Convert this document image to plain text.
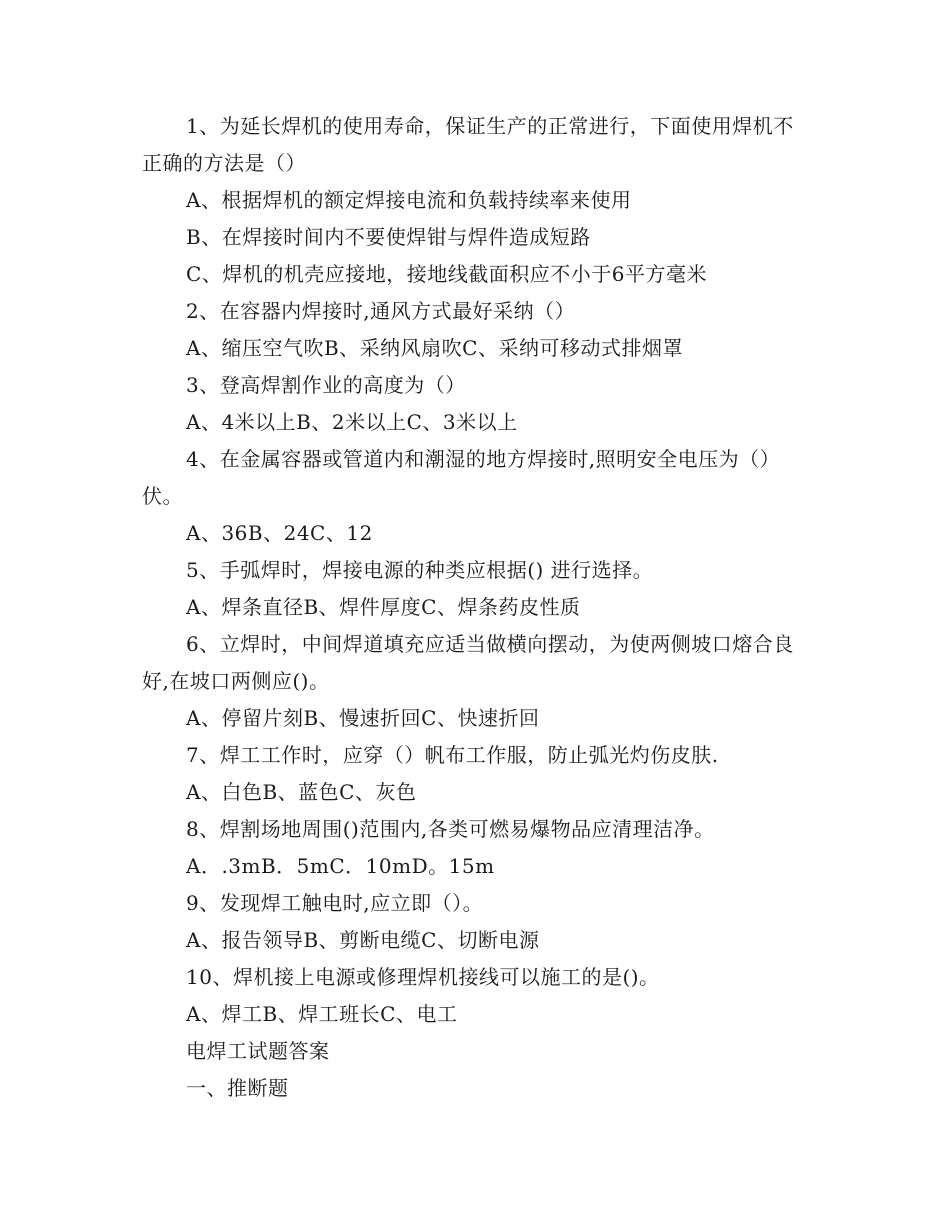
1、为延长焊机的使用寿命，保证生产的正常进行，下面使用焊机不正确的方法是（）

A、根据焊机的额定焊接电流和负载持续率来使用

B、在焊接时间内不要使焊钳与焊件造成短路

C、焊机的机壳应接地，接地线截面积应不小于6平方毫米

2、在容器内焊接时,通风方式最好采纳（）

A、缩压空气吹B、采纳风扇吹C、采纳可移动式排烟罩

3、登高焊割作业的高度为（）

A、4米以上B、2米以上C、3米以上

4、在金属容器或管道内和潮湿的地方焊接时,照明安全电压为（）伏。

A、36B、24C、12

5、手弧焊时，焊接电源的种类应根据() 进行选择。

A、焊条直径B、焊件厚度C、焊条药皮性质

6、立焊时，中间焊道填充应适当做横向摆动，为使两侧坡口熔合良好,在坡口两侧应()。

A、停留片刻B、慢速折回C、快速折回

7、焊工工作时，应穿（）帆布工作服，防止弧光灼伤皮肤.

A、白色B、蓝色C、灰色

8、焊割场地周围()范围内,各类可燃易爆物品应清理洁净。

A．.3mB．5mC．10mD。15m

9、发现焊工触电时,应立即（）。

A、报告领导B、剪断电缆C、切断电源

10、焊机接上电源或修理焊机接线可以施工的是()。

A、焊工B、焊工班长C、电工

电焊工试题答案

一、推断题
